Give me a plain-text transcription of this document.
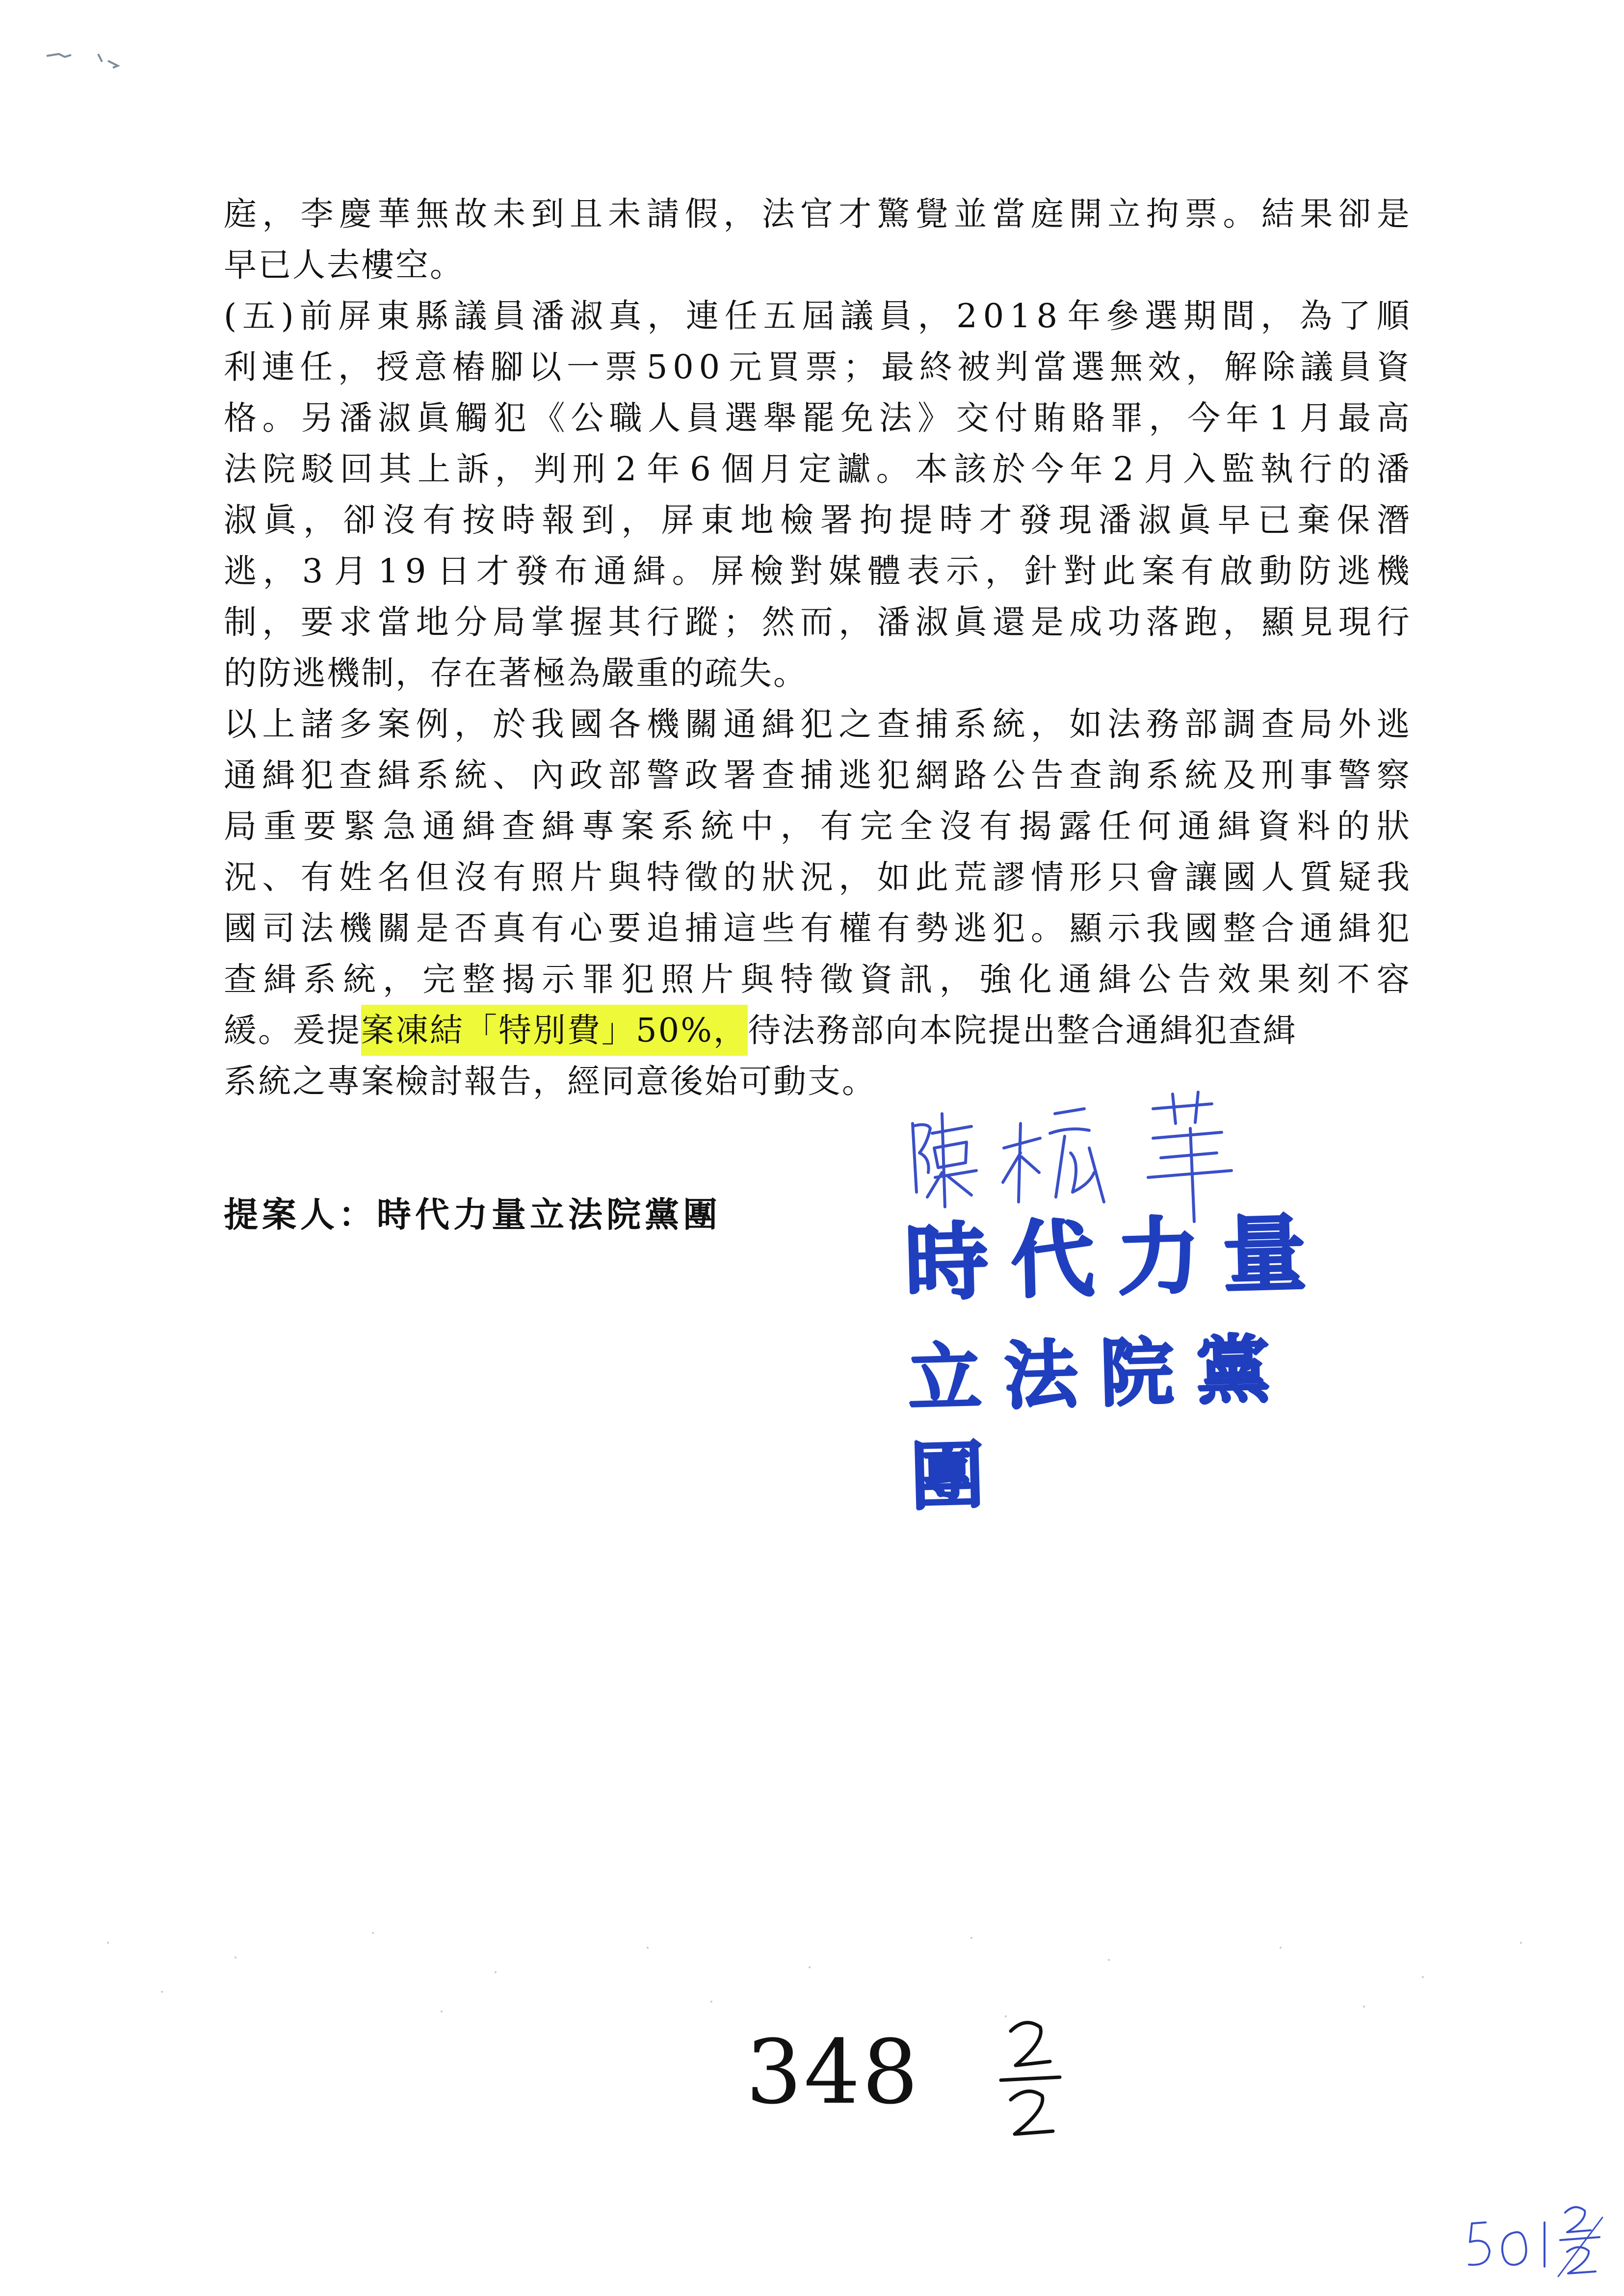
庭 ， 李 慶 華 無 故 未 到 且 未 請 假 ， 法 官 才 驚 覺 並 當 庭 開 立 拘 票 。 結 果 卻 是
早已人去樓空。
( 五 ) 前 屏 東 縣 議 員 潘 淑 真 ， 連 任 五 屆 議 員 ， 2 0 1 8 年 參 選 期 間 ， 為 了 順
利 連 任 ， 授 意 樁 腳 以 一 票 5 0 0 元 買 票 ； 最 終 被 判 當 選 無 效 ， 解 除 議 員 資
格 。 另 潘 淑 眞 觸 犯 《 公 職 人 員 選 舉 罷 免 法 》 交 付 賄 賂 罪 ， 今 年 1 月 最 高
法 院 駁 回 其 上 訴 ， 判 刑 2 年 6 個 月 定 讞 。 本 該 於 今 年 2 月 入 監 執 行 的 潘
淑 眞 ， 卻 沒 有 按 時 報 到 ， 屏 東 地 檢 署 拘 提 時 才 發 現 潘 淑 眞 早 已 棄 保 潛
逃 ， 3 月 1 9 日 才 發 布 通 緝 。 屏 檢 對 媒 體 表 示 ， 針 對 此 案 有 啟 動 防 逃 機
制 ， 要 求 當 地 分 局 掌 握 其 行 蹤 ； 然 而 ， 潘 淑 眞 還 是 成 功 落 跑 ， 顯 見 現 行
的防逃機制，存在著極為嚴重的疏失。
以 上 諸 多 案 例 ， 於 我 國 各 機 關 通 緝 犯 之 查 捕 系 統 ， 如 法 務 部 調 查 局 外 逃
通 緝 犯 查 緝 系 統 、 內 政 部 警 政 署 查 捕 逃 犯 網 路 公 告 查 詢 系 統 及 刑 事 警 察
局 重 要 緊 急 通 緝 查 緝 專 案 系 統 中 ， 有 完 全 沒 有 揭 露 任 何 通 緝 資 料 的 狀
況 、 有 姓 名 但 沒 有 照 片 與 特 徵 的 狀 況 ， 如 此 荒 謬 情 形 只 會 讓 國 人 質 疑 我
國 司 法 機 關 是 否 真 有 心 要 追 捕 這 些 有 權 有 勢 逃 犯 。 顯 示 我 國 整 合 通 緝 犯
查 緝 系 統 ， 完 整 揭 示 罪 犯 照 片 與 特 徵 資 訊 ， 強 化 通 緝 公 告 效 果 刻 不 容
緩。爰提 案凍結「特別費」50%， 待法務部向本院提出整合通緝犯查緝
系統之專案檢討報告，經同意後始可動支。
提案人：時代力量立法院黨團 時代力量
立法院黨團
348
